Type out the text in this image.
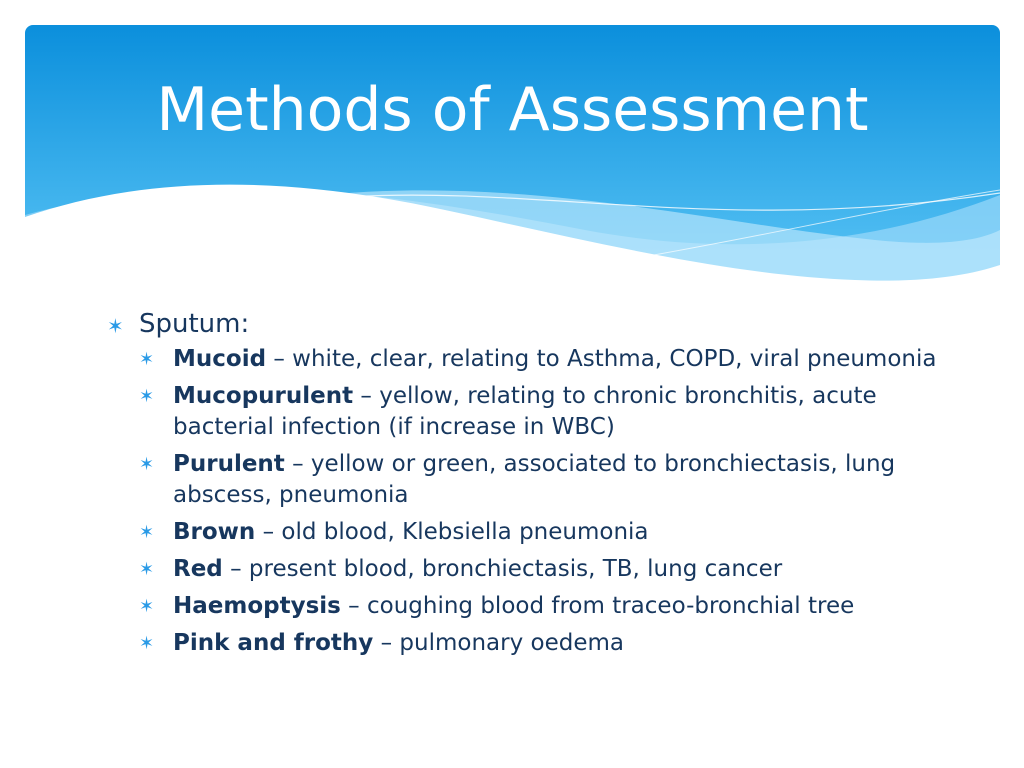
Methods of Assessment
✶ Sputum:
✶ Mucoid – white, clear, relating to Asthma, COPD, viral pneumonia
✶ Mucopurulent – yellow, relating to chronic bronchitis, acute bacterial infection (if increase in WBC)
✶ Purulent – yellow or green, associated to bronchiectasis, lung abscess, pneumonia
✶ Brown – old blood, Klebsiella pneumonia
✶ Red – present blood, bronchiectasis, TB, lung cancer
✶ Haemoptysis – coughing blood from traceo-bronchial tree
✶ Pink and frothy – pulmonary oedema
